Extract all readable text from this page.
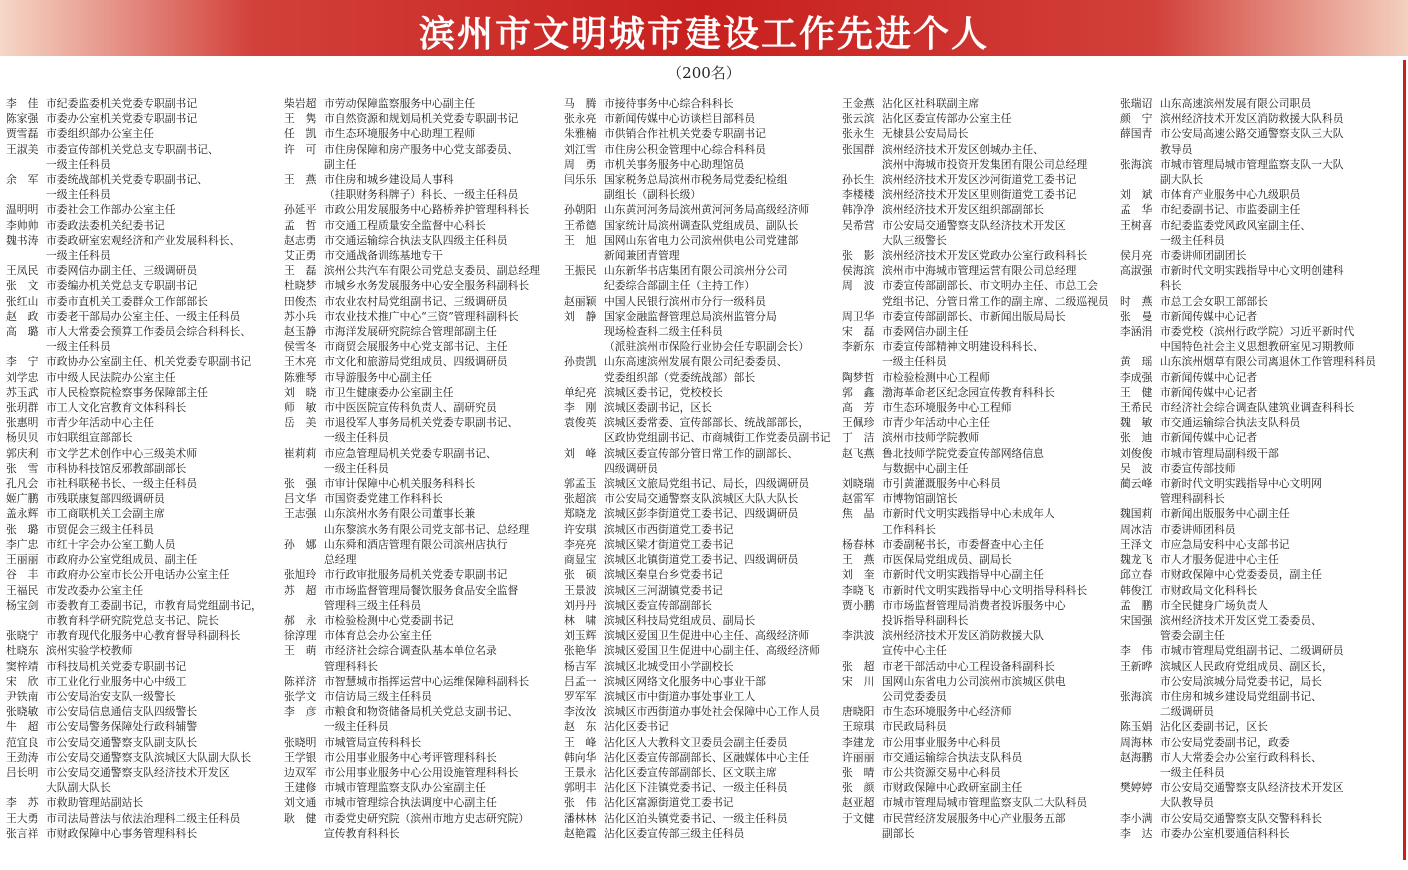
滨州市文明城市建设工作先进个人
（200名）
李　佳 市纪委监委机关党委专职副书记
陈家强 市委办公室机关党委专职副书记
贾雪磊 市委组织部办公室主任
王淑美 市委宣传部机关党总支专职副书记、
一级主任科员
余　军 市委统战部机关党委专职副书记、
一级主任科员
温明明 市委社会工作部办公室主任
李帅帅 市委政法委机关纪委书记
魏书涛 市委政研室宏观经济和产业发展科科长、
一级主任科员
王凤民 市委网信办副主任、三级调研员
张　文 市委编办机关党总支专职副书记
张红山 市委市直机关工委群众工作部部长
赵　政 市委老干部局办公室主任、一级主任科员
高　璐 市人大常委会预算工作委员会综合科科长、
一级主任科员
李　宁 市政协办公室副主任、机关党委专职副书记
刘学忠 市中级人民法院办公室主任
苏玉武 市人民检察院检察事务保障部主任
张玥群 市工人文化宫教育文体科科长
张惠明 市青少年活动中心主任
杨贝贝 市妇联组宣部部长
郭庆利 市文学艺术创作中心三级美术师
张　雪 市科协科技馆反邪教部副部长
孔凡会 市社科联秘书长、一级主任科员
姬广鹏 市残联康复部四级调研员
盖永辉 市工商联机关工会副主席
张　璐 市贸促会三级主任科员
李广忠 市红十字会办公室工勤人员
王丽丽 市政府办公室党组成员、副主任
谷　丰 市政府办公室市长公开电话办公室主任
王福民 市发改委办公室主任
杨宝剑 市委教育工委副书记，市教育局党组副书记，
市教育科学研究院党总支书记、院长
张晓宁 市教育现代化服务中心教育督导科副科长
杜晓东 滨州实验学校教师
窦梓靖 市科技局机关党委专职副书记
宋　欣 市工业化行业服务中心中级工
尹铁南 市公安局治安支队一级警长
张晓敏 市公安局信息通信支队四级警长
牛　超 市公安局警务保障处行政科辅警
范宜良 市公安局交通警察支队副支队长
王劲涛 市公安局交通警察支队滨城区大队副大队长
吕长明 市公安局交通警察支队经济技术开发区
大队副大队长
李　苏 市救助管理站副站长
王大勇 市司法局普法与依法治理科二级主任科员
张言祥 市财政保障中心事务管理科科长
柴岩超 市劳动保障监察服务中心副主任
王　隽 市自然资源和规划局机关党委专职副书记
任　凯 市生态环境服务中心助理工程师
许　可 市住房保障和房产服务中心党支部委员、
副主任
王　燕 市住房和城乡建设局人事科
（挂职财务科牌子）科长、一级主任科员
孙延平 市政公用发展服务中心路桥养护管理科科长
孟　哲 市交通工程质量安全监督中心科长
赵志勇 市交通运输综合执法支队四级主任科员
艾正勇 市交通战备训练基地专干
王　磊 滨州公共汽车有限公司党总支委员、副总经理
杜晓梦 市城乡水务发展服务中心安全服务科副科长
田俊杰 市农业农村局党组副书记、三级调研员
苏小兵 市农业技术推广中心“三资”管理科副科长
赵玉静 市海洋发展研究院综合管理部副主任
侯雪冬 市商贸会展服务中心党支部书记、主任
王木亮 市文化和旅游局党组成员、四级调研员
陈雅琴 市导游服务中心副主任
刘　晓 市卫生健康委办公室副主任
师　敏 市中医医院宣传科负责人、副研究员
岳　美 市退役军人事务局机关党委专职副书记、
一级主任科员
崔莉莉 市应急管理局机关党委专职副书记、
一级主任科员
张　强 市审计保障中心机关服务科科长
吕文华 市国资委党建工作科科长
王志强 山东滨州水务有限公司董事长兼
山东黎滨水务有限公司党支部书记、总经理
孙　娜 山东舜和酒店管理有限公司滨州店执行
总经理
张旭玲 市行政审批服务局机关党委专职副书记
苏　超 市市场监督管理局餐饮服务食品安全监督
管理科三级主任科员
郝　永 市检验检测中心党委副书记
徐淳理 市体育总会办公室主任
王　萌 市经济社会综合调查队基本单位名录
管理科科长
陈祥济 市智慧城市指挥运营中心运维保障科副科长
张学文 市信访局三级主任科员
李　彦 市粮食和物资储备局机关党总支副书记、
一级主任科员
张晓明 市城管局宣传科科长
王学银 市公用事业服务中心考评管理科科长
边双军 市公用事业服务中心公用设施管理科科长
王建修 市城市管理监察支队办公室副主任
刘文通 市城市管理综合执法调度中心副主任
耿　健 市委党史研究院（滨州市地方史志研究院）
宣传教育科科长
马　腾 市接待事务中心综合科科长
张永亮 市新闻传媒中心访谈栏目部科员
朱雅楠 市供销合作社机关党委专职副书记
刘江雪 市住房公积金管理中心综合科科员
周　勇 市机关事务服务中心助理馆员
闫乐乐 国家税务总局滨州市税务局党委纪检组
副组长（副科长级）
孙朝阳 山东黄河河务局滨州黄河河务局高级经济师
王希德 国家统计局滨州调查队党组成员、副队长
王　旭 国网山东省电力公司滨州供电公司党建部
新闻兼团青管理
王振民 山东新华书店集团有限公司滨州分公司
纪委综合部副主任（主持工作）
赵丽颖 中国人民银行滨州市分行一级科员
刘　静 国家金融监督管理总局滨州监管分局
现场检查科二级主任科员
（派驻滨州市保险行业协会任专职副会长）
孙贵凯 山东高速滨州发展有限公司纪委委员、
党委组织部（党委统战部）部长
单纪亮 滨城区委书记，党校校长
李　刚 滨城区委副书记，区长
袁俊英 滨城区委常委、宣传部部长、统战部部长，
区政协党组副书记、市商城街工作党委员副书记
刘　峰 滨城区委宣传部分管日常工作的副部长、
四级调研员
郭孟玉 滨城区文旅局党组书记、局长，四级调研员
张超滨 市公安局交通警察支队滨城区大队大队长
郑晓龙 滨城区彭李街道党工委书记、四级调研员
许安琪 滨城区市西街道党工委书记
李亮亮 滨城区梁才街道党工委书记
商显宝 滨城区北镇街道党工委书记、四级调研员
张　硕 滨城区秦皇台乡党委书记
王景波 滨城区三河湖镇党委书记
刘丹丹 滨城区委宣传部副部长
林　啸 滨城区科技局党组成员、副局长
刘玉辉 滨城区爱国卫生促进中心主任、高级经济师
张艳华 滨城区爱国卫生促进中心副主任、高级经济师
杨吉军 滨城区北城受田小学副校长
吕孟一 滨城区网络文化服务中心事业干部
罗军军 滨城区市中街道办事处事业工人
李汝汝 滨城区市西街道办事处社会保障中心工作人员
赵　东 沾化区委书记
王　峰 沾化区人大教科文卫委员会副主任委员
韩向华 沾化区委宣传部副部长、区融媒体中心主任
王景永 沾化区委宣传部副部长、区文联主席
郭明丰 沾化区下洼镇党委书记、一级主任科员
张　伟 沾化区富源街道党工委书记
潘林林 沾化区泊头镇党委书记、一级主任科员
赵艳霞 沾化区委宣传部三级主任科员
王金燕 沾化区社科联副主席
张云滨 沾化区委宣传部办公室主任
张永生 无棣县公安局局长
张国群 滨州经济技术开发区创城办主任、
滨州中海城市投资开发集团有限公司总经理
孙长生 滨州经济技术开发区沙河街道党工委书记
李楼楼 滨州经济技术开发区里则街道党工委书记
韩净净 滨州经济技术开发区组织部副部长
吴希营 市公安局交通警察支队经济技术开发区
大队三级警长
张　影 滨州经济技术开发区党政办公室行政科科长
侯海滨 滨州市中海城市管理运营有限公司总经理
周　波 市委宣传部副部长、市文明办主任、市总工会
党组书记、分管日常工作的副主席、二级巡视员
周卫华 市委宣传部副部长、市新闻出版局局长
宋　磊 市委网信办副主任
李新东 市委宣传部精神文明建设科科长、
一级主任科员
陶梦哲 市检验检测中心工程师
郭　鑫 渤海革命老区纪念园宣传教育科科长
高　芳 市生态环境服务中心工程师
王佩珍 市青少年活动中心主任
丁　洁 滨州市技师学院教师
赵飞燕 鲁北技师学院党委宣传部网络信息
与数据中心副主任
刘晓瑞 市引黄灌溉服务中心科员
赵雷军 市博物馆副馆长
焦　晶 市新时代文明实践指导中心未成年人
工作科科长
杨春林 市委副秘书长，市委督查中心主任
王　燕 市医保局党组成员、副局长
刘　奎 市新时代文明实践指导中心副主任
李晓飞 市新时代文明实践指导中心文明指导科科长
贾小鹏 市市场监督管理局消费者投诉服务中心
投诉指导科副科长
李洪波 滨州经济技术开发区消防救援大队
宣传中心主任
张　超 市老干部活动中心工程设备科副科长
宋　川 国网山东省电力公司滨州市滨城区供电
公司党委委员
唐晓阳 市生态环境服务中心经济师
王琼琪 市民政局科员
李建龙 市公用事业服务中心科员
许丽丽 市交通运输综合执法支队科员
张　晴 市公共资源交易中心科员
张　颜 市财政保障中心政研室副主任
赵亚超 市城市管理局城市管理监察支队二大队科员
于文健 市民营经济发展服务中心产业服务五部
副部长
张瑞诏 山东高速滨州发展有限公司职员
颜　宁 滨州经济技术开发区消防救援大队科员
薛国青 市公安局高速公路交通警察支队三大队
教导员
张海滨 市城市管理局城市管理监察支队一大队
副大队长
刘　斌 市体育产业服务中心九级职员
孟　华 市纪委副书记、市监委副主任
王树喜 市纪委监委党风政风室副主任、
一级主任科员
侯月亮 市委讲师团副团长
高淑强 市新时代文明实践指导中心文明创建科
科长
时　燕 市总工会女职工部部长
张　曼 市新闻传媒中心记者
李涵涓 市委党校（滨州行政学院）习近平新时代
中国特色社会主义思想教研室见习期教师
黄　瑶 山东滨州烟草有限公司离退休工作管理科科员
李成强 市新闻传媒中心记者
王　健 市新闻传媒中心记者
王希民 市经济社会综合调查队建筑业调查科科长
魏　敏 市交通运输综合执法支队科员
张　迪 市新闻传媒中心记者
刘俊俊 市城市管理局副科级干部
吴　波 市委宣传部技师
蔺云峰 市新时代文明实践指导中心文明网
管理科副科长
魏国莉 市新闻出版服务中心副主任
周冰洁 市委讲师团科员
王泽文 市应急局安科中心支部书记
魏龙飞 市人才服务促进中心主任
邱立春 市财政保障中心党委委员，副主任
韩俊江 市财政局文化科科长
孟　鹏 市全民健身广场负责人
宋国强 滨州经济技术开发区党工委委员、
管委会副主任
李　伟 市城市管理局党组副书记、二级调研员
王新晔 滨城区人民政府党组成员、副区长，
市公安局滨城分局党委书记，局长
张海滨 市住房和城乡建设局党组副书记、
二级调研员
陈玉娟 沾化区委副书记，区长
周海林 市公安局党委副书记，政委
赵海鹏 市人大常委会办公室行政科科长、
一级主任科员
樊婷婷 市公安局交通警察支队经济技术开发区
大队教导员
李小满 市公安局交通警察支队交警科科长
李　达 市委办公室机要通信科科长
